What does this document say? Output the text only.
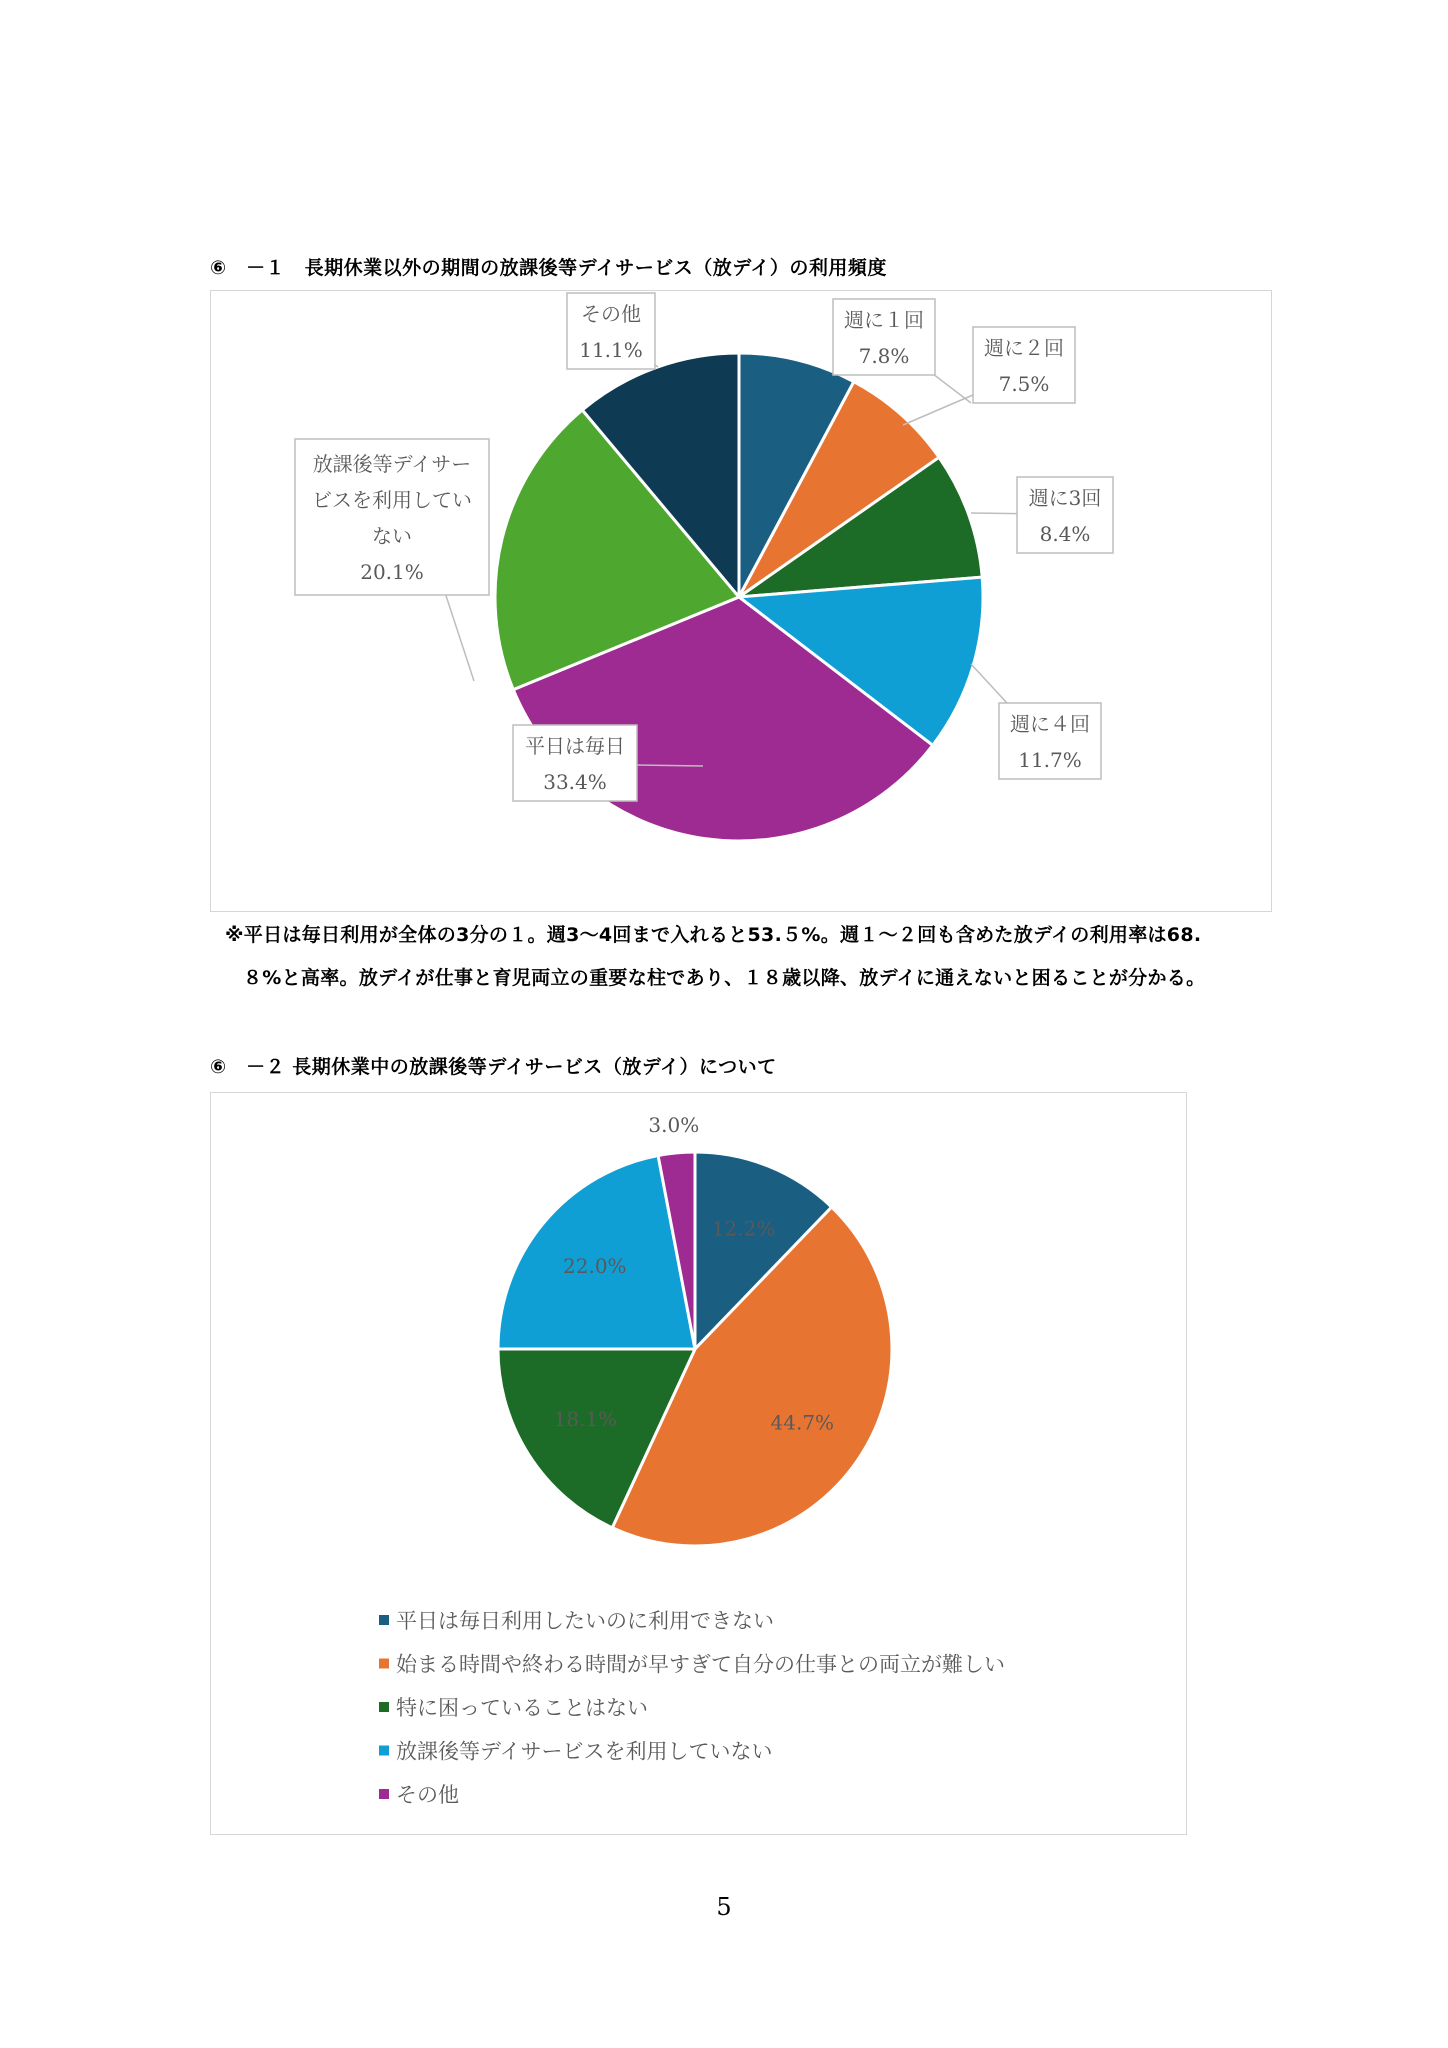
⑥　－１　長期休業以外の期間の放課後等デイサービス（放デイ）の利用頻度
週に１回
7.8%	週に２回
7.5%
週に3回
8.4%
週に４回
11.7%
平日は毎日
33.4%
放課後等デイサー
ビスを利用してい
ない
20.1%
その他
11.1%
※平日は毎日利用が全体の3分の１。週3～4回まで入れると53.５%。週１～２回も含めた放デイの利用率は68.
８%と高率。放デイが仕事と育児両立の重要な柱であり、１８歳以降、放デイに通えないと困ることが分かる。
⑥　－２ 長期休業中の放課後等デイサービス（放デイ）について
12.2%
44.7%
18.1%
22.0%
3.0%
平日は毎日利用したいのに利用できない
始まる時間や終わる時間が早すぎて自分の仕事との両立が難しい
特に困っていることはない
放課後等デイサービスを利用していない
その他
5
